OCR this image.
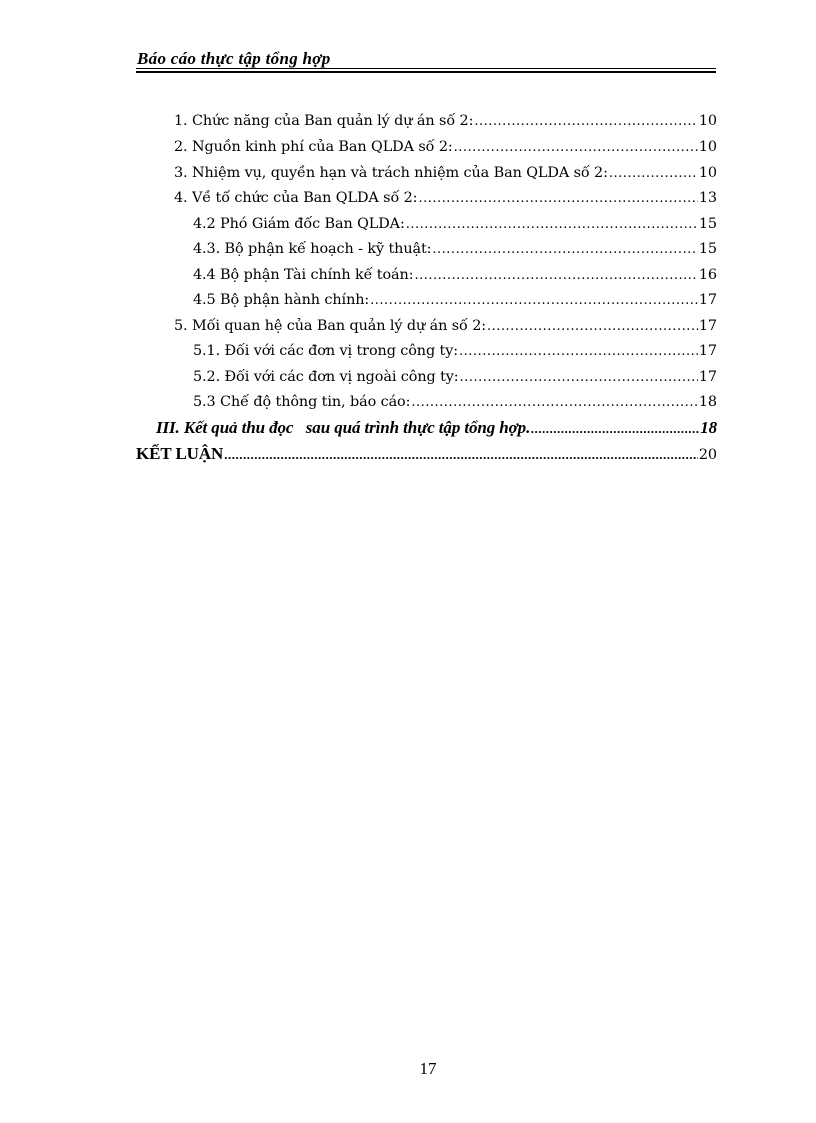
Báo cáo thực tập tổng hợp
1. Chức năng của Ban quản lý dự án số 2: .....	10
2. Nguồn kinh phí của Ban QLDA số 2: .....	10
3. Nhiệm vụ, quyền hạn và trách nhiệm của Ban QLDA số 2: .....	10
4. Về tổ chức của Ban QLDA số 2: .....	13
4.2 Phó Giám đốc Ban QLDA: .....	15
4.3. Bộ phận kế hoạch - kỹ thuật: .....	15
4.4 Bộ phận Tài chính kế toán: .....	16
4.5 Bộ phận hành chính: .....	17
5. Mối quan hệ của Ban quản lý dự án số 2: .....	17
5.1. Đối với các đơn vị trong công ty: .....	17
5.2. Đối với các đơn vị ngoài công ty: .....	17
5.3 Chế độ thông tin, báo cáo: .....	18
III. Kết quả thu đọc   sau quá trình thực tập tổng hợp. .....	18
KẾT LUẬN .....	20
17
